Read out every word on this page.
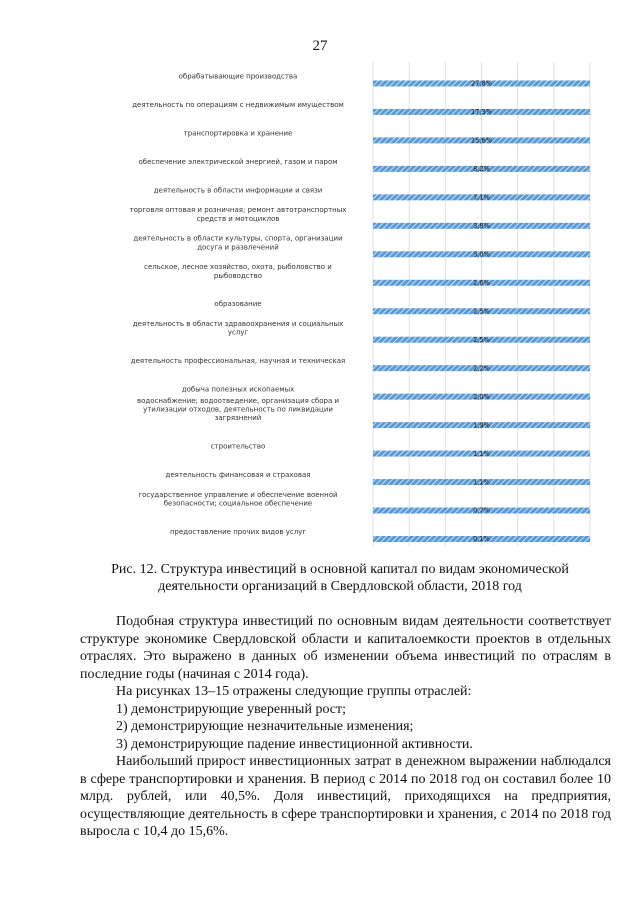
27
обрабатывающие производства
деятельность по операциям с недвижимым имуществом
транспортировка и хранение
обеспечение электрической энергией, газом и паром
деятельность в области информации и связи
торговля оптовая и розничная; ремонт автотранспортных средств и мотоциклов
деятельность в области культуры, спорта, организации досуга и развлечений
сельское, лесное хозяйство, охота, рыболовство и рыбоводство
образование
деятельность в области здравоохранения и социальных услуг
деятельность профессиональная, научная и техническая
добыча полезных ископаемых
водоснабжение; водоотведение, организация сбора и утилизации отходов, деятельность по ликвидации загрязнений
строительство
деятельность финансовая и страховая
государственное управление и обеспечение военной безопасности; социальное обеспечение
предоставление прочих видов услуг
27,8%
17,3%
15,6%
8,2%
7,1%
3,8%
3,0%
2,6%
2,5%
2,5%
2,2%
2,0%
1,9%
1,1%
1,1%
0,7%
0,1%
Рис. 12. Структура инвестиций в основной капитал по видам экономической деятельности организаций в Свердловской области, 2018 год

Подобная структура инвестиций по основным видам деятельности соответствует структуре экономике Свердловской области и капиталоемкости проектов в отдельных отраслях. Это выражено в данных об изменении объема инвестиций по отраслям в последние годы (начиная с 2014 года).

На рисунках 13–15 отражены следующие группы отраслей:

1) демонстрирующие уверенный рост;

2) демонстрирующие незначительные изменения;

3) демонстрирующие падение инвестиционной активности.

Наибольший прирост инвестиционных затрат в денежном выражении наблюдался в сфере транспортировки и хранения. В период с 2014 по 2018 год он составил более 10 млрд. рублей, или 40,5%. Доля инвестиций, приходящихся на предприятия, осуществляющие деятельность в сфере транспортировки и хранения, с 2014 по 2018 год выросла с 10,4 до 15,6%.
